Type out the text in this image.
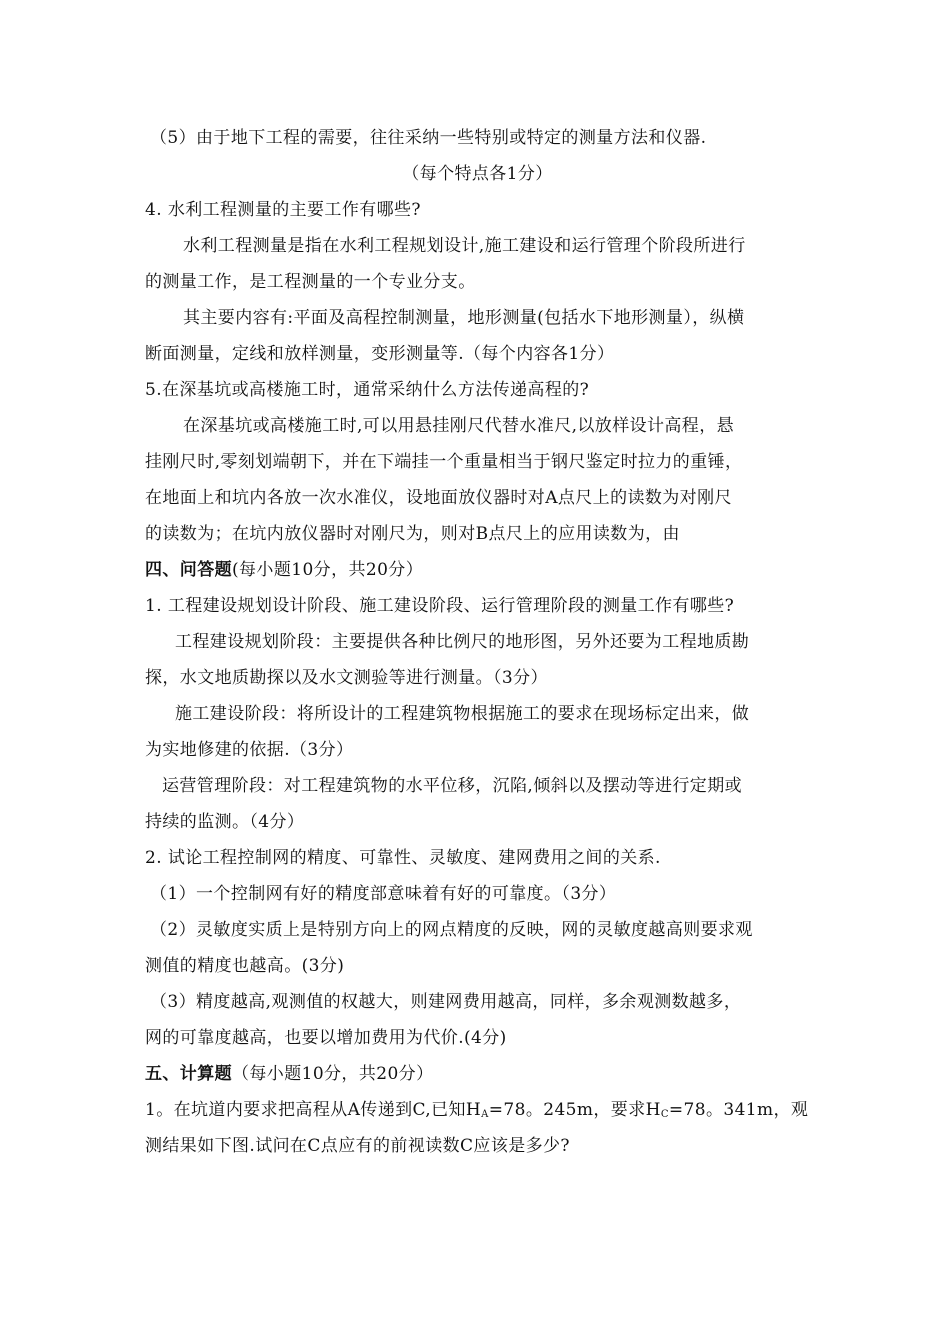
（5）由于地下工程的需要，往往采纳一些特别或特定的测量方法和仪器.
（每个特点各1分）
4. 水利工程测量的主要工作有哪些?
水利工程测量是指在水利工程规划设计,施工建设和运行管理个阶段所进行
的测量工作，是工程测量的一个专业分支。
其主要内容有:平面及高程控制测量，地形测量(包括水下地形测量），纵横
断面测量，定线和放样测量，变形测量等.（每个内容各1分）
5.在深基坑或高楼施工时，通常采纳什么方法传递高程的?
在深基坑或高楼施工时,可以用悬挂刚尺代替水准尺,以放样设计高程，悬
挂刚尺时,零刻划端朝下，并在下端挂一个重量相当于钢尺鉴定时拉力的重锤，
在地面上和坑内各放一次水准仪，设地面放仪器时对A点尺上的读数为对刚尺
的读数为；在坑内放仪器时对刚尺为，则对B点尺上的应用读数为，由
四、问答题(每小题10分，共20分）
1. 工程建设规划设计阶段、施工建设阶段、运行管理阶段的测量工作有哪些?
工程建设规划阶段：主要提供各种比例尺的地形图，另外还要为工程地质勘
探，水文地质勘探以及水文测验等进行测量。（3分）
施工建设阶段：将所设计的工程建筑物根据施工的要求在现场标定出来，做
为实地修建的依据.（3分）
运营管理阶段：对工程建筑物的水平位移，沉陷,倾斜以及摆动等进行定期或
持续的监测。（4分）
2. 试论工程控制网的精度、可靠性、灵敏度、建网费用之间的关系.
（1）一个控制网有好的精度部意味着有好的可靠度。（3分）
（2）灵敏度实质上是特别方向上的网点精度的反映，网的灵敏度越高则要求观
测值的精度也越高。(3分)
（3）精度越高,观测值的权越大，则建网费用越高，同样，多余观测数越多，
网的可靠度越高，也要以增加费用为代价.(4分)
五、计算题（每小题10分，共20分）
1。在坑道内要求把高程从A传递到C,已知$H_A=78$。245m，要求$H_C=78$。341m，观
测结果如下图.试问在C点应有的前视读数C应该是多少?
